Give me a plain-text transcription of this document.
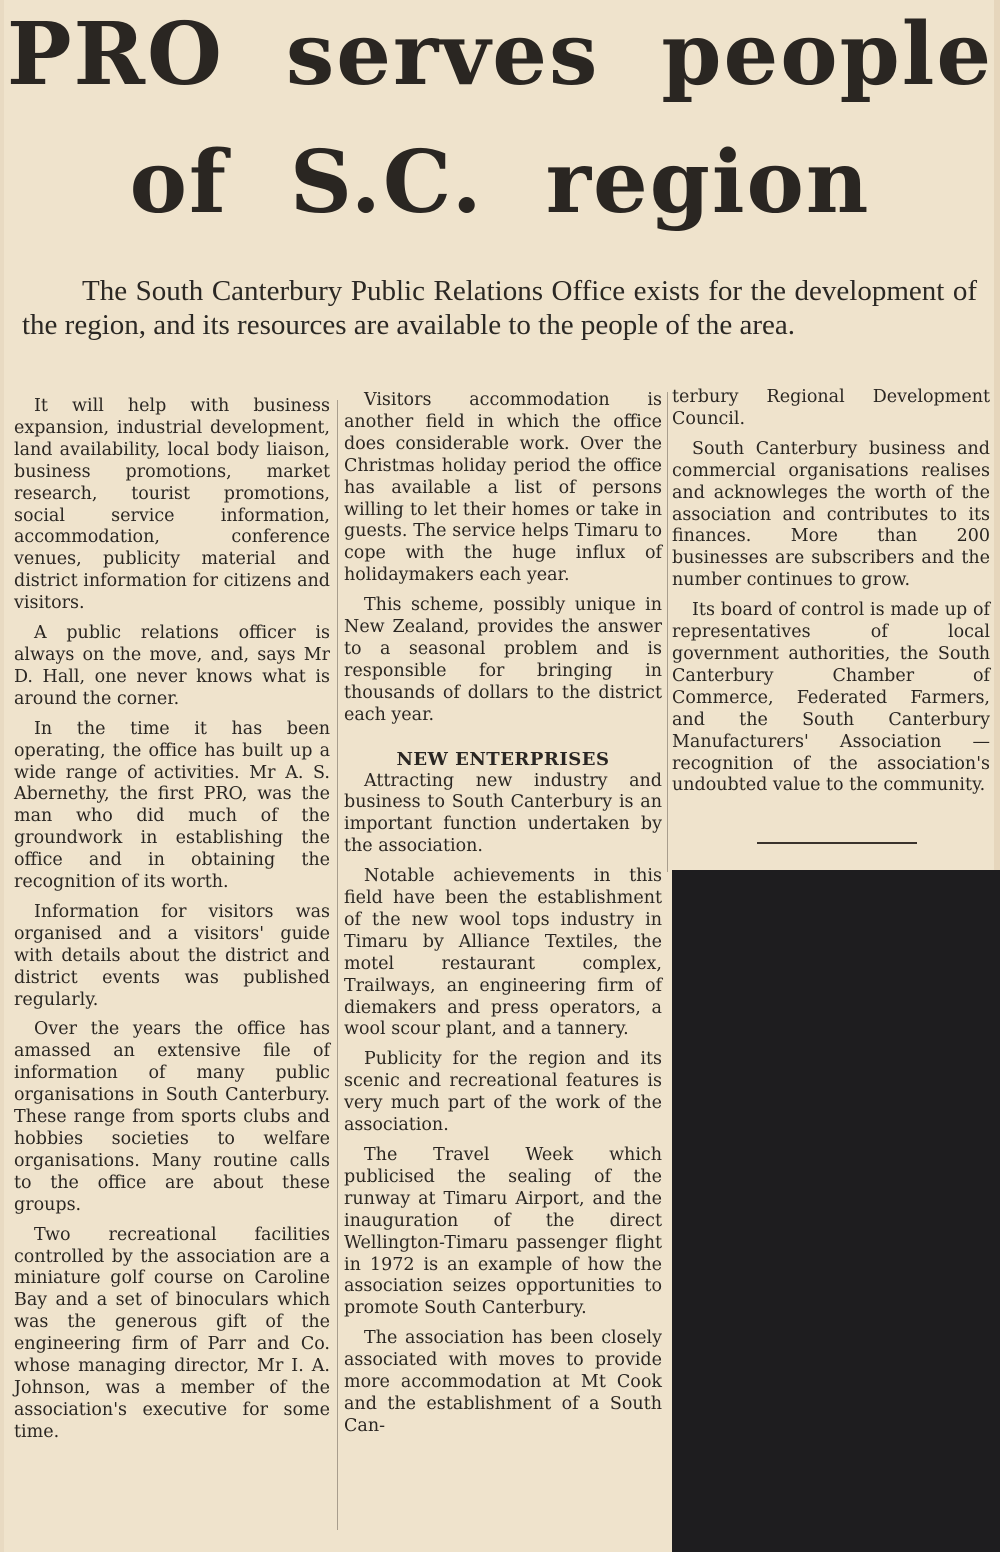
PRO serves people
of S.C. region
The South Canterbury Public Relations Office exists for the development of the region, and its resources are available to the people of the area.

It will help with business expansion, industrial development, land availability, local body liaison, business promotions, market research, tourist promotions, social service information, accommodation, conference venues, publicity material and district information for citizens and visitors.

A public relations officer is always on the move, and, says Mr D. Hall, one never knows what is around the corner.

In the time it has been operating, the office has built up a wide range of activities. Mr A. S. Abernethy, the first PRO, was the man who did much of the groundwork in establishing the office and in obtaining the recognition of its worth.

Information for visitors was organised and a visitors' guide with details about the district and district events was published regularly.

Over the years the office has amassed an extensive file of information of many public organisations in South Canterbury. These range from sports clubs and hobbies societies to welfare organisations. Many routine calls to the office are about these groups.

Two recreational facilities controlled by the association are a miniature golf course on Caroline Bay and a set of binoculars which was the generous gift of the engineering firm of Parr and Co. whose managing director, Mr I. A. Johnson, was a member of the association's executive for some time.

Visitors accommodation is another field in which the office does considerable work. Over the Christmas holiday period the office has available a list of persons willing to let their homes or take in guests. The service helps Timaru to cope with the huge influx of holidaymakers each year.

This scheme, possibly unique in New Zealand, provides the answer to a seasonal problem and is responsible for bringing in thousands of dollars to the district each year.

NEW ENTERPRISES

Attracting new industry and business to South Canterbury is an important function undertaken by the association.

Notable achievements in this field have been the establishment of the new wool tops industry in Timaru by Alliance Textiles, the motel restaurant complex, Trailways, an engineering firm of diemakers and press operators, a wool scour plant, and a tannery.

Publicity for the region and its scenic and recreational features is very much part of the work of the association.

The Travel Week which publicised the sealing of the runway at Timaru Airport, and the inauguration of the direct Wellington-Timaru passenger flight in 1972 is an example of how the association seizes opportunities to promote South Canterbury.

The association has been closely associated with moves to provide more accommodation at Mt Cook and the establishment of a South Can-

terbury Regional Development Council.

South Canterbury business and commercial organisations realises and acknowleges the worth of the association and contributes to its finances. More than 200 businesses are subscribers and the number continues to grow.

Its board of control is made up of representatives of local government authorities, the South Canterbury Chamber of Commerce, Federated Farmers, and the South Canterbury Manufacturers' Association — recognition of the association's undoubted value to the community.
